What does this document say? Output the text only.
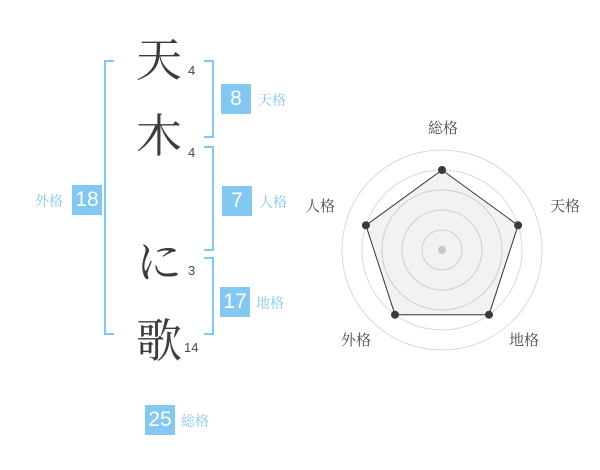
天
木
に
歌
4
4
3
14
8
7
17
18
25
天格
人格
地格
外格
総格
総格
天格
地格
外格
人格
